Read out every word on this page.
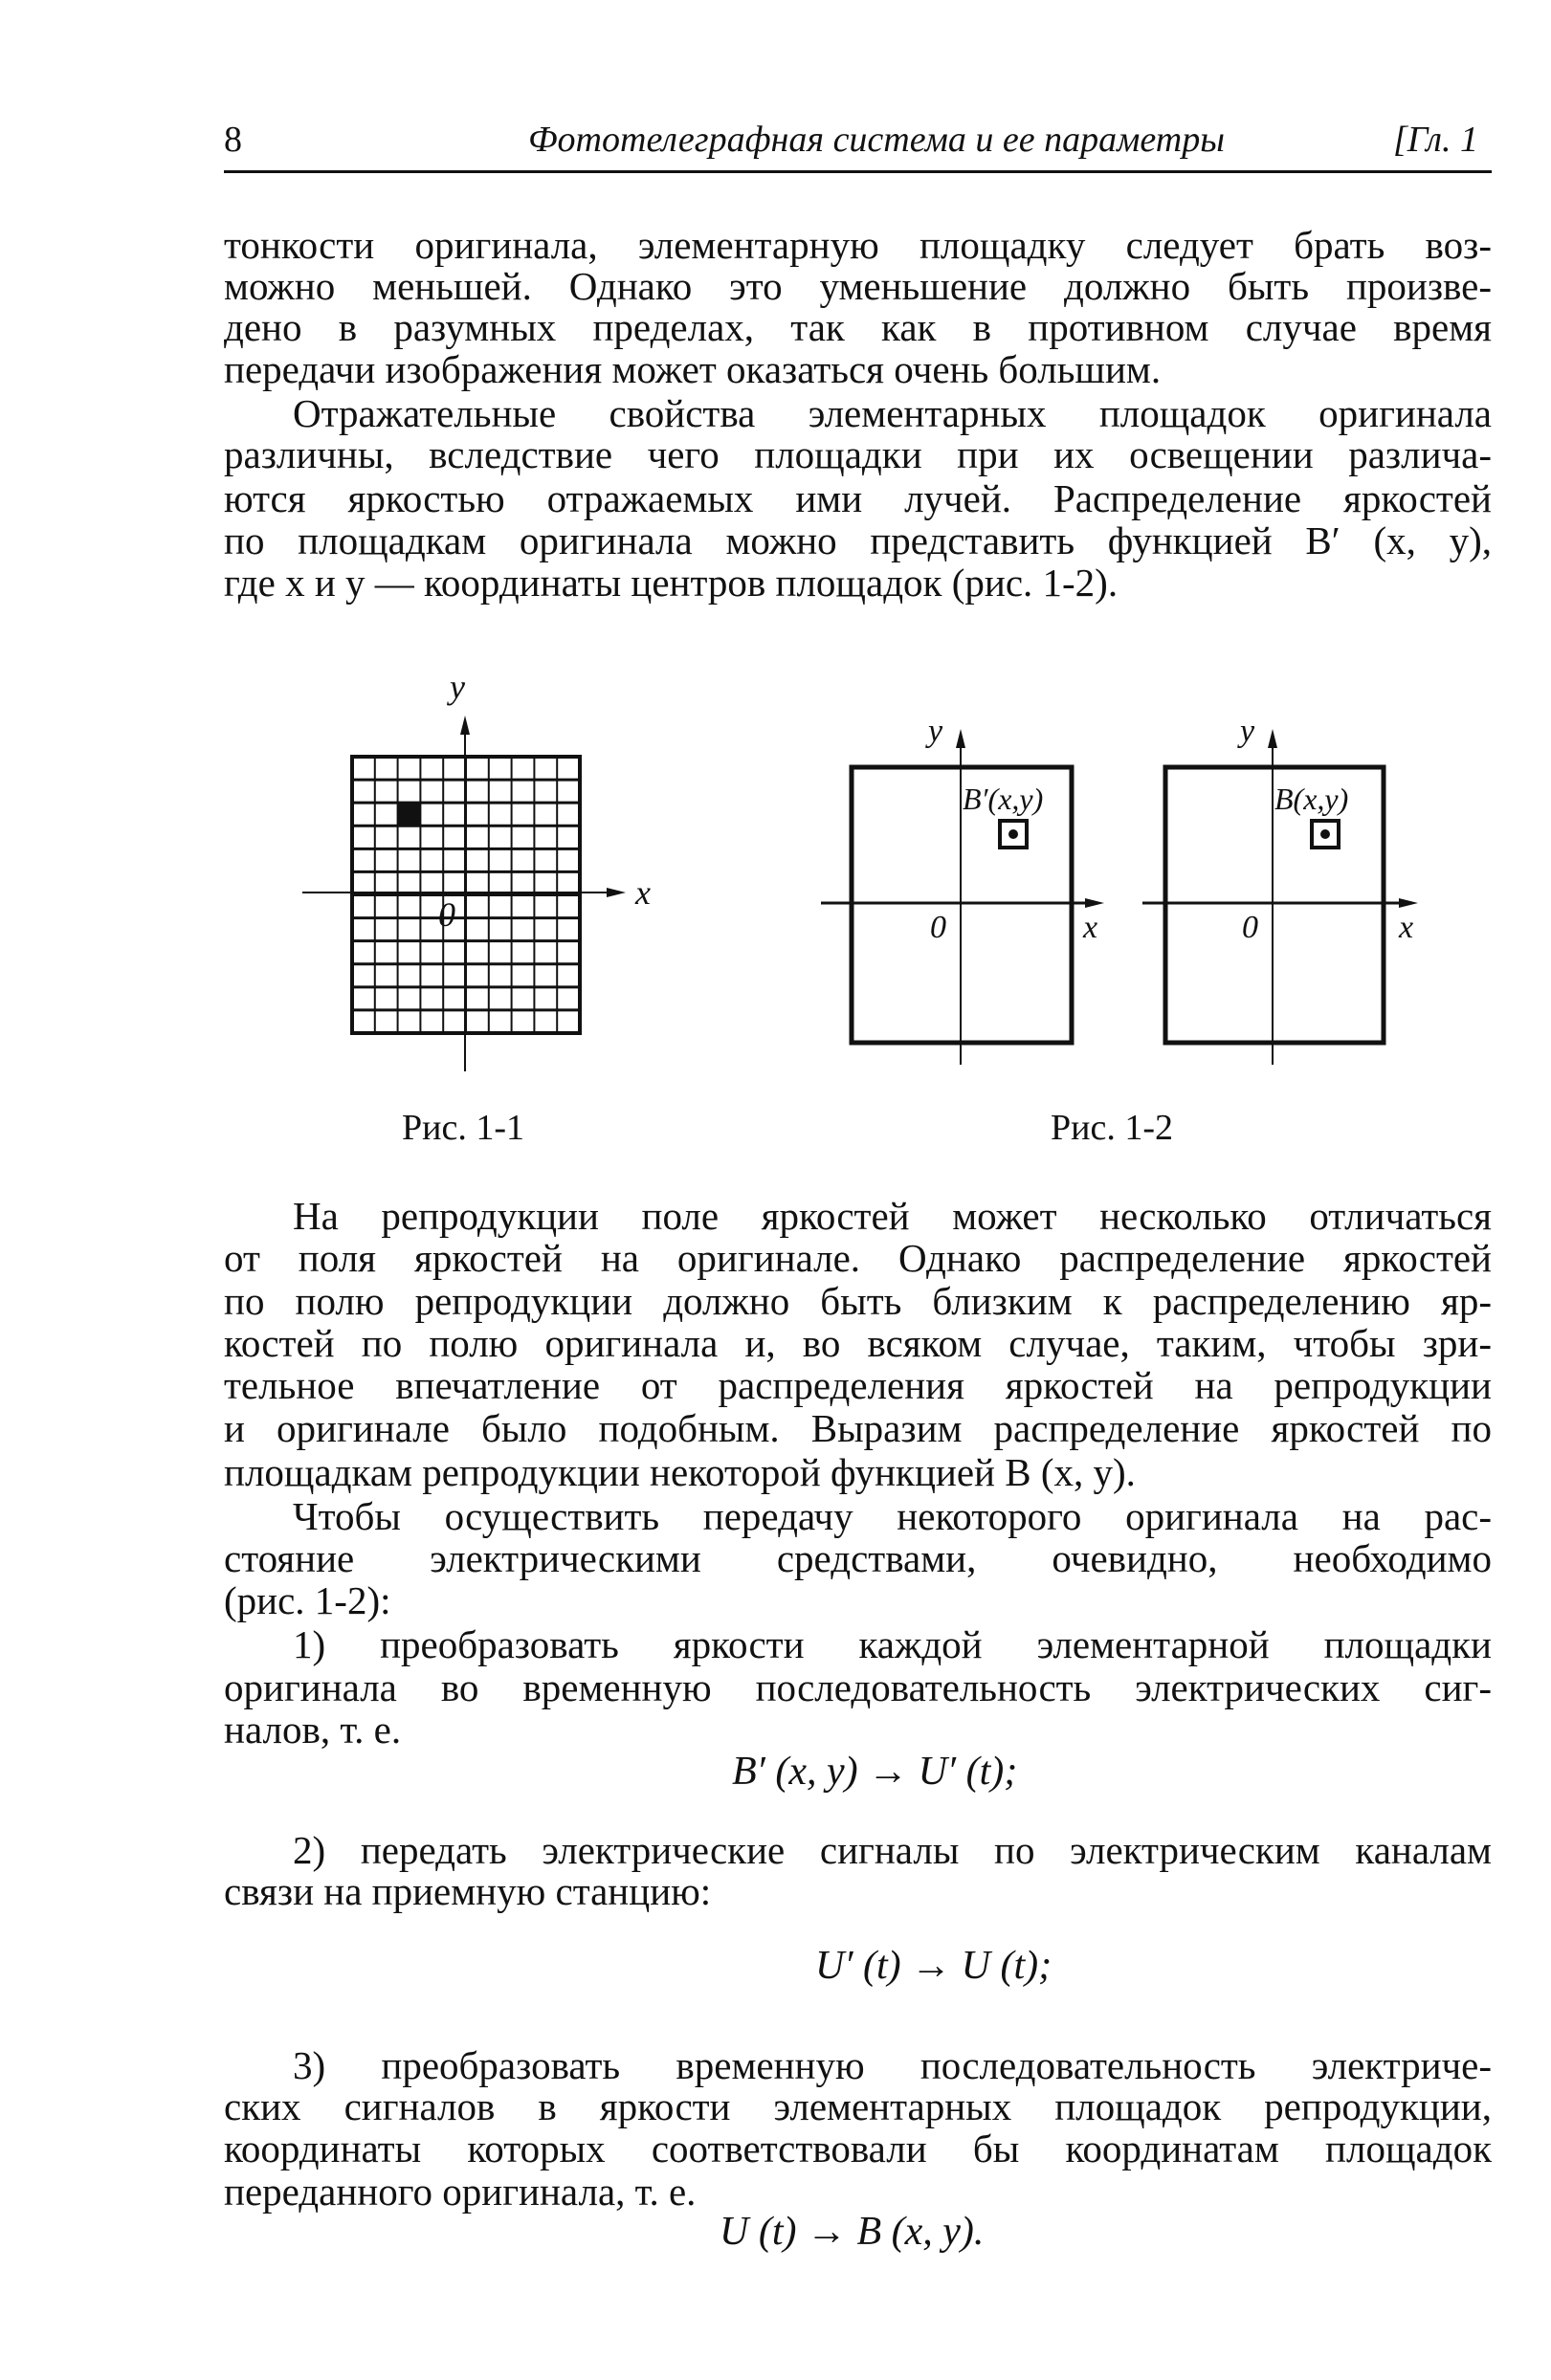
8	Фототелеграфная система и ее параметры	[Гл. 1
тонкости оригинала, элементарную площадку следует брать воз-
можно меньшей. Однако это уменьшение должно быть произве-
дено в разумных пределах, так как в противном случае время
передачи изображения может оказаться очень большим.
Отражательные свойства элементарных площадок оригинала
различны, вследствие чего площадки при их освещении различа-
ются яркостью отражаемых ими лучей. Распределение яркостей
по площадкам оригинала можно представить функцией B′ (x, y),
где x и y — координаты центров площадок (рис. 1-2).
y
x
0
B′(x,y)
y
x
0
B(x,y)
y
x
0
Рис. 1-1	Рис. 1-2
На репродукции поле яркостей может несколько отличаться
от поля яркостей на оригинале. Однако распределение яркостей
по полю репродукции должно быть близким к распределению яр-
костей по полю оригинала и, во всяком случае, таким, чтобы зри-
тельное впечатление от распределения яркостей на репродукции
и оригинале было подобным. Выразим распределение яркостей по
площадкам репродукции некоторой функцией B (x, y).
Чтобы осуществить передачу некоторого оригинала на рас-
стояние электрическими средствами, очевидно, необходимо
(рис. 1-2):
1) преобразовать яркости каждой элементарной площадки
оригинала во временную последовательность электрических сиг-
налов, т. е.
B′ (x, y) → U′ (t);
2) передать электрические сигналы по электрическим каналам
связи на приемную станцию:
U′ (t) → U (t);
3) преобразовать временную последовательность электриче-
ских сигналов в яркости элементарных площадок репродукции,
координаты которых соответствовали бы координатам площадок
переданного оригинала, т. е.
U (t) → B (x, y).
